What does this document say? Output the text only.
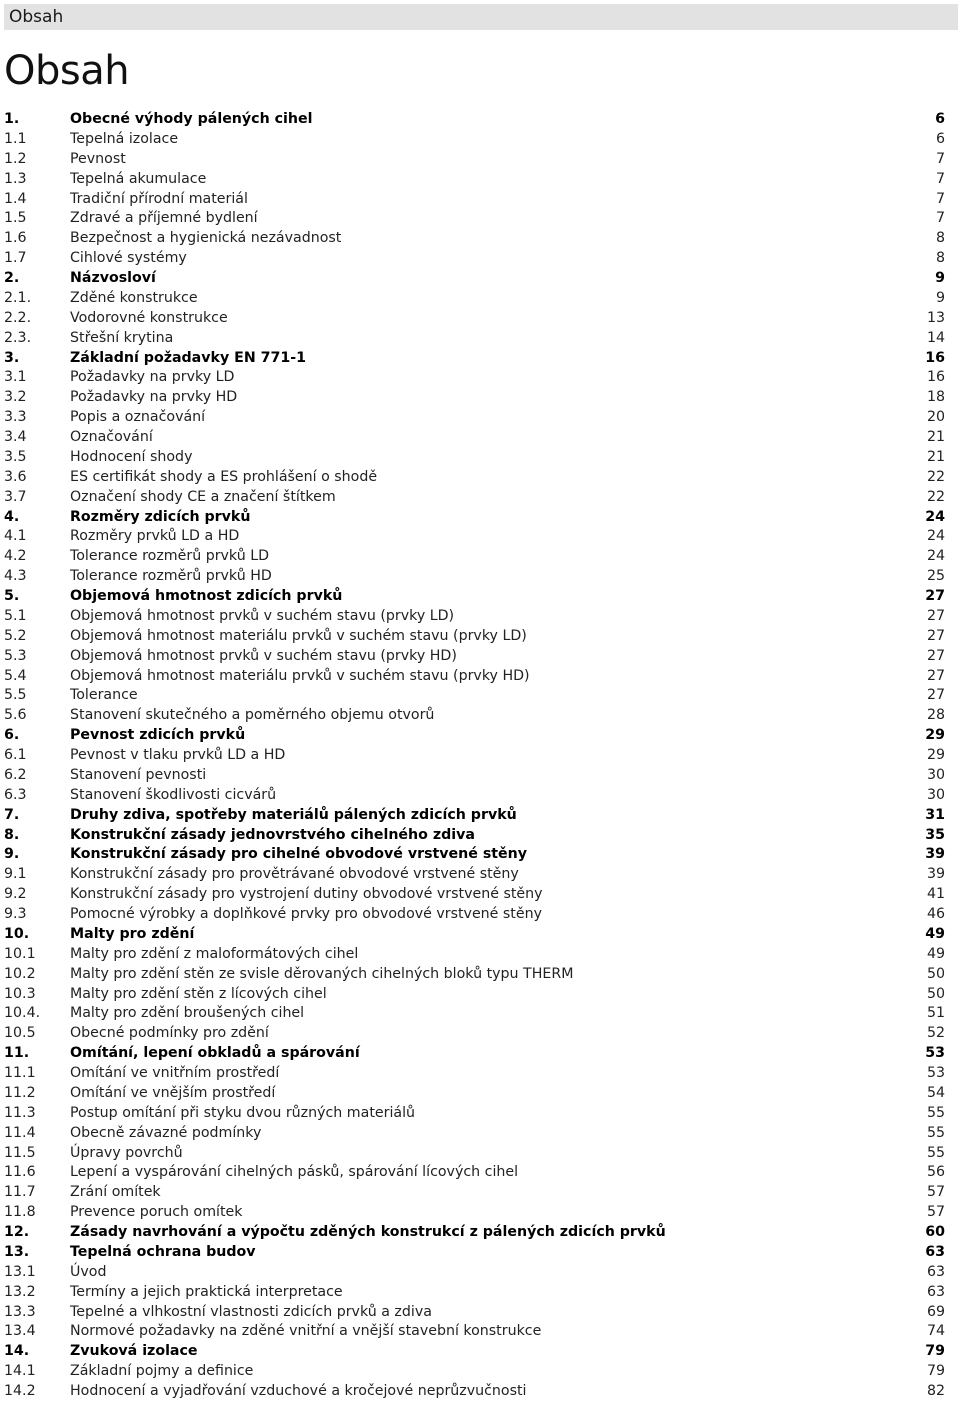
Obsah
Obsah
1.	Obecné výhody pálených cihel	6
1.1	Tepelná izolace	6
1.2	Pevnost	7
1.3	Tepelná akumulace	7
1.4	Tradiční přírodní materiál	7
1.5	Zdravé a příjemné bydlení	7
1.6	Bezpečnost a hygienická nezávadnost	8
1.7	Cihlové systémy	8
2.	Názvosloví	9
2.1.	Zděné konstrukce	9
2.2.	Vodorovné konstrukce	13
2.3.	Střešní krytina	14
3.	Základní požadavky EN 771-1	16
3.1	Požadavky na prvky LD	16
3.2	Požadavky na prvky HD	18
3.3	Popis a označování	20
3.4	Označování	21
3.5	Hodnocení shody	21
3.6	ES certifikát shody a ES prohlášení o shodě	22
3.7	Označení shody CE a značení štítkem	22
4.	Rozměry zdicích prvků	24
4.1	Rozměry prvků LD a HD	24
4.2	Tolerance rozměrů prvků LD	24
4.3	Tolerance rozměrů prvků HD	25
5.	Objemová hmotnost zdicích prvků	27
5.1	Objemová hmotnost prvků v suchém stavu (prvky LD)	27
5.2	Objemová hmotnost materiálu prvků v suchém stavu (prvky LD)	27
5.3	Objemová hmotnost prvků v suchém stavu (prvky HD)	27
5.4	Objemová hmotnost materiálu prvků v suchém stavu (prvky HD)	27
5.5	Tolerance	27
5.6	Stanovení skutečného a poměrného objemu otvorů	28
6.	Pevnost zdicích prvků	29
6.1	Pevnost v tlaku prvků LD a HD	29
6.2	Stanovení pevnosti	30
6.3	Stanovení škodlivosti cicvárů	30
7.	Druhy zdiva, spotřeby materiálů pálených zdicích prvků	31
8.	Konstrukční zásady jednovrstvého cihelného zdiva	35
9.	Konstrukční zásady pro cihelné obvodové vrstvené stěny	39
9.1	Konstrukční zásady pro provětrávané obvodové vrstvené stěny	39
9.2	Konstrukční zásady pro vystrojení dutiny obvodové vrstvené stěny	41
9.3	Pomocné výrobky a doplňkové prvky pro obvodové vrstvené stěny	46
10.	Malty pro zdění	49
10.1 Malty pro zdění z maloformátových cihel	49
10.2 Malty pro zdění stěn ze svisle děrovaných cihelných bloků typu THERM	50
10.3 Malty pro zdění stěn z lícových cihel	50
10.4. Malty pro zdění broušených cihel	51
10.5 Obecné podmínky pro zdění	52
11.	Omítání, lepení obkladů a spárování	53
11.1 Omítání ve vnitřním prostředí	53
11.2 Omítání ve vnějším prostředí	54
11.3 Postup omítání při styku dvou různých materiálů	55
11.4 Obecně závazné podmínky	55
11.5 Úpravy povrchů	55
11.6 Lepení a vyspárování cihelných pásků, spárování lícových cihel	56
11.7 Zrání omítek	57
11.8 Prevence poruch omítek	57
12.	Zásady navrhování a výpočtu zděných konstrukcí z pálených zdicích prvků	60
13.	Tepelná ochrana budov	63
13.1 Úvod	63
13.2 Termíny a jejich praktická interpretace	63
13.3 Tepelné a vlhkostní vlastnosti zdicích prvků a zdiva	69
13.4 Normové požadavky na zděné vnitřní a vnější stavební konstrukce	74
14.	Zvuková izolace	79
14.1 Základní pojmy a definice	79
14.2 Hodnocení a vyjadřování vzduchové a kročejové neprůzvučnosti	82
